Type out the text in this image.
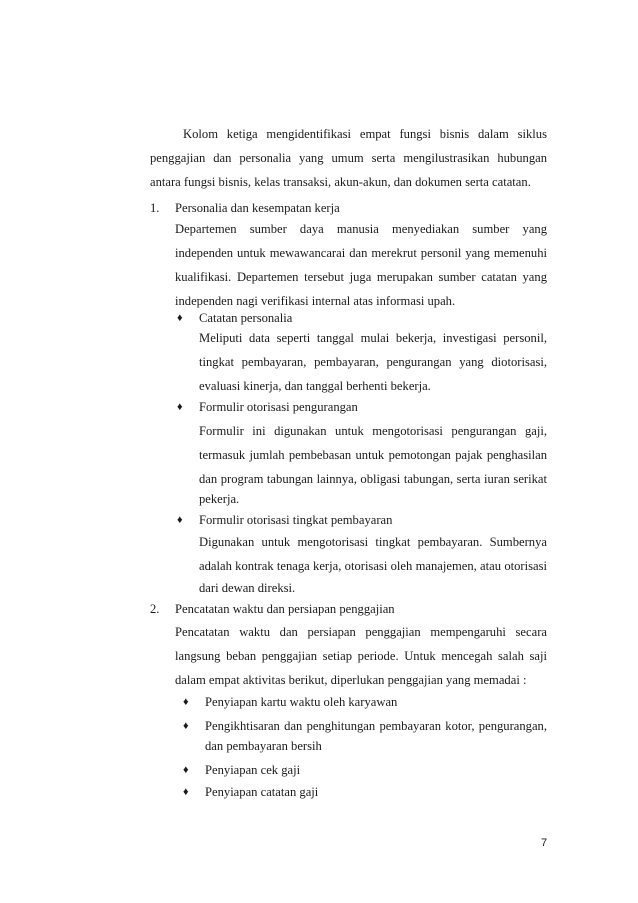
Kolom ketiga mengidentifikasi empat fungsi bisnis dalam siklus
penggajian dan personalia yang umum serta mengilustrasikan hubungan
antara fungsi bisnis, kelas transaksi, akun-akun, dan dokumen serta catatan.
1. Personalia dan kesempatan kerja
Departemen sumber daya manusia menyediakan sumber yang
independen untuk mewawancarai dan merekrut personil yang memenuhi
kualifikasi. Departemen tersebut juga merupakan sumber catatan yang
independen nagi verifikasi internal atas informasi upah.
♦ Catatan personalia
Meliputi data seperti tanggal mulai bekerja, investigasi personil,
tingkat pembayaran, pembayaran, pengurangan yang diotorisasi,
evaluasi kinerja, dan tanggal berhenti bekerja.
♦ Formulir otorisasi pengurangan
Formulir ini digunakan untuk mengotorisasi pengurangan gaji,
termasuk jumlah pembebasan untuk pemotongan pajak penghasilan
dan program tabungan lainnya, obligasi tabungan, serta iuran serikat
pekerja.
♦ Formulir otorisasi tingkat pembayaran
Digunakan untuk mengotorisasi tingkat pembayaran. Sumbernya
adalah kontrak tenaga kerja, otorisasi oleh manajemen, atau otorisasi
dari dewan direksi.
2. Pencatatan waktu dan persiapan penggajian
Pencatatan waktu dan persiapan penggajian mempengaruhi secara
langsung beban penggajian setiap periode. Untuk mencegah salah saji
dalam empat aktivitas berikut, diperlukan penggajian yang memadai :
♦ Penyiapan kartu waktu oleh karyawan
♦ Pengikhtisaran dan penghitungan pembayaran kotor, pengurangan,
dan pembayaran bersih
♦ Penyiapan cek gaji
♦ Penyiapan catatan gaji
7
